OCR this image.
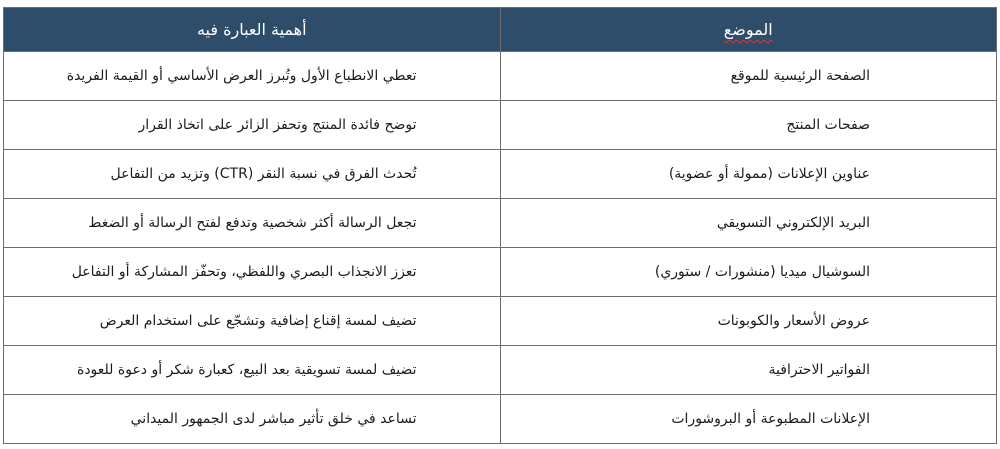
الموضع	أهمية العبارة فيه
الصفحة الرئيسية للموقع	تعطي الانطباع الأول وتُبرز العرض الأساسي أو القيمة الفريدة
صفحات المنتج	توضح فائدة المنتج وتحفز الزائر على اتخاذ القرار
عناوين الإعلانات (ممولة أو عضوية)	تُحدث الفرق في نسبة النقر (CTR) وتزيد من التفاعل
البريد الإلكتروني التسويقي	تجعل الرسالة أكثر شخصية وتدفع لفتح الرسالة أو الضغط
السوشيال ميديا (منشورات / ستوري)	تعزز الانجذاب البصري واللفظي، وتحفّز المشاركة أو التفاعل
عروض الأسعار والكوبونات	تضيف لمسة إقناع إضافية وتشجّع على استخدام العرض
الفواتير الاحترافية	تضيف لمسة تسويقية بعد البيع، كعبارة شكر أو دعوة للعودة
الإعلانات المطبوعة أو البروشورات	تساعد في خلق تأثير مباشر لدى الجمهور الميداني
